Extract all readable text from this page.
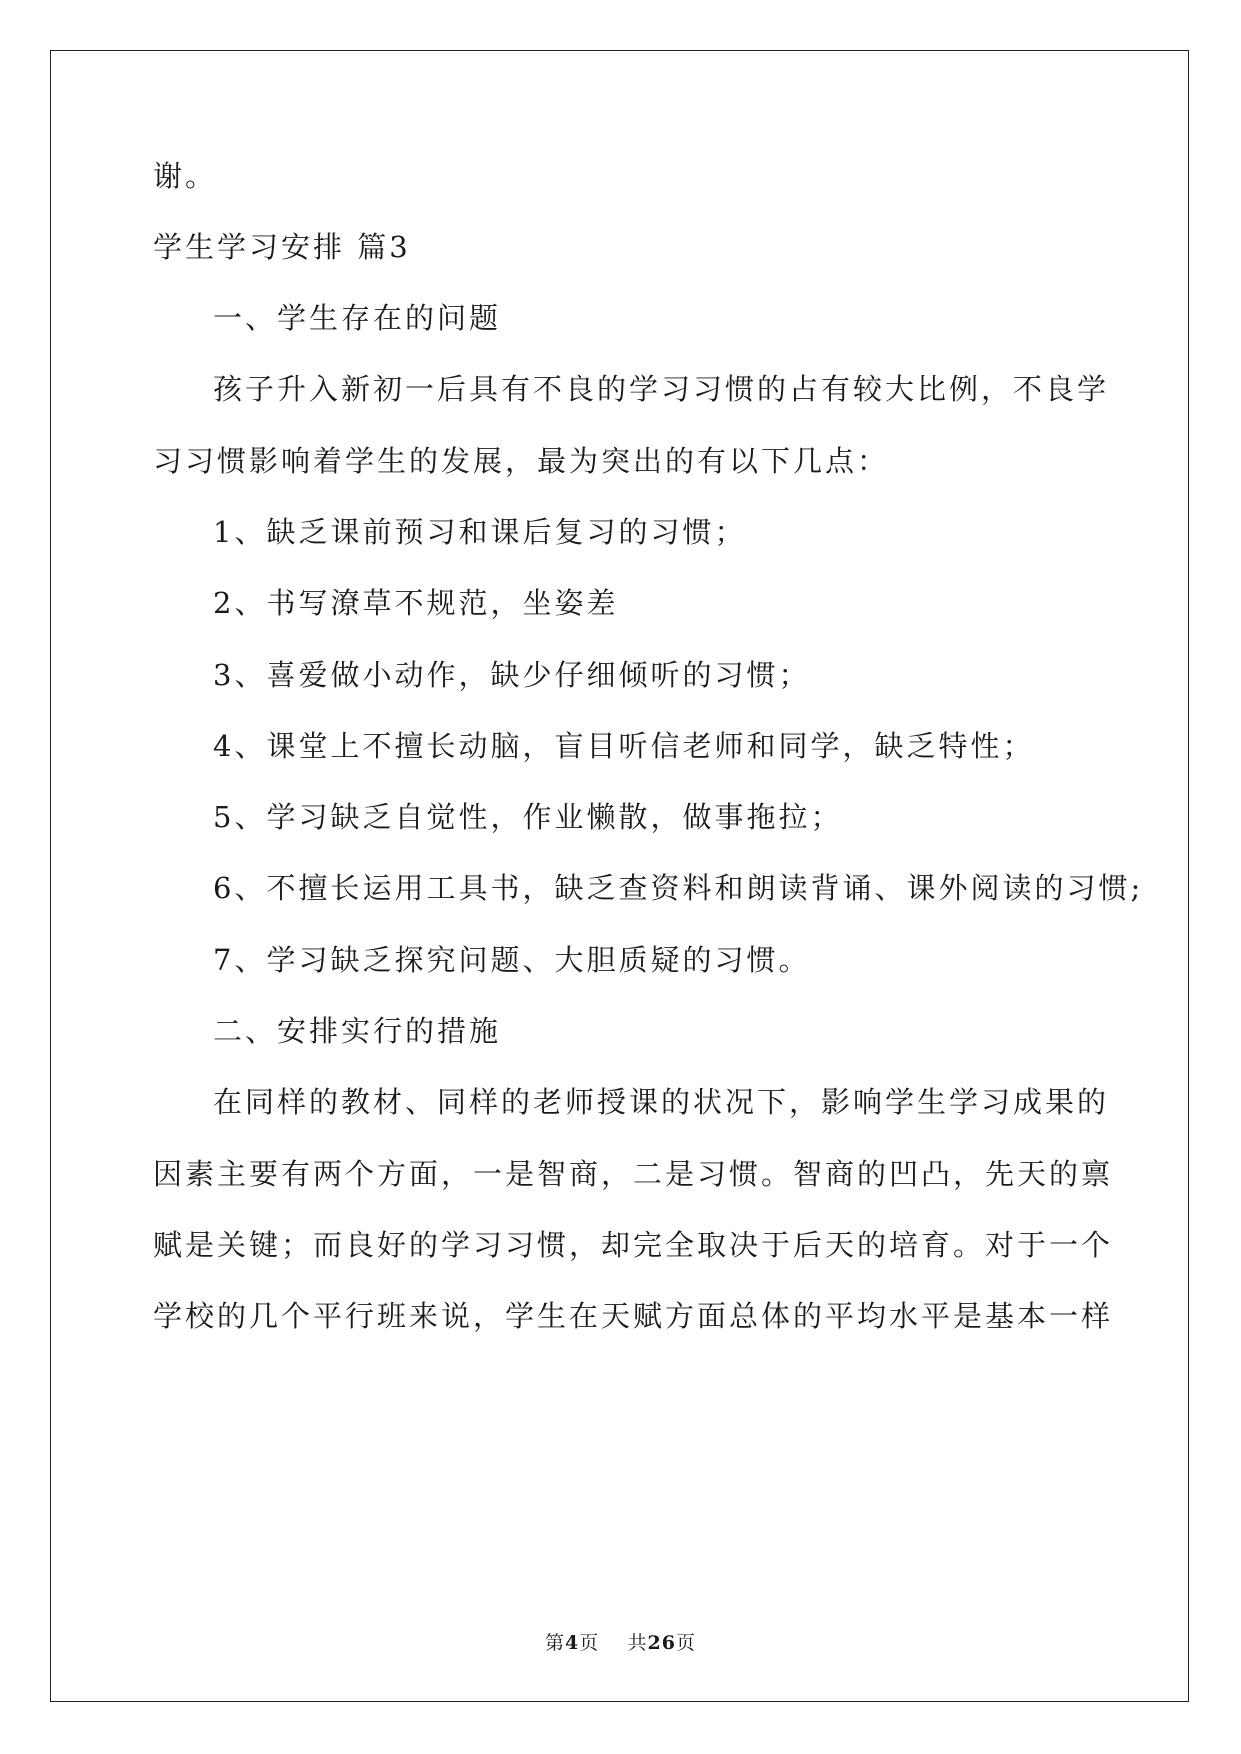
谢。
学生学习安排 篇3
一、学生存在的问题
孩子升入新初一后具有不良的学习习惯的占有较大比例，不良学
习习惯影响着学生的发展，最为突出的有以下几点：
1、缺乏课前预习和课后复习的习惯；
2、书写潦草不规范，坐姿差
3、喜爱做小动作，缺少仔细倾听的习惯；
4、课堂上不擅长动脑，盲目听信老师和同学，缺乏特性；
5、学习缺乏自觉性，作业懒散，做事拖拉；
6、不擅长运用工具书，缺乏查资料和朗读背诵、课外阅读的习惯;
7、学习缺乏探究问题、大胆质疑的习惯。
二、安排实行的措施
在同样的教材、同样的老师授课的状况下，影响学生学习成果的
因素主要有两个方面，一是智商，二是习惯。智商的凹凸，先天的禀
赋是关键；而良好的学习习惯，却完全取决于后天的培育。对于一个
学校的几个平行班来说，学生在天赋方面总体的平均水平是基本一样
第4页 共26页
